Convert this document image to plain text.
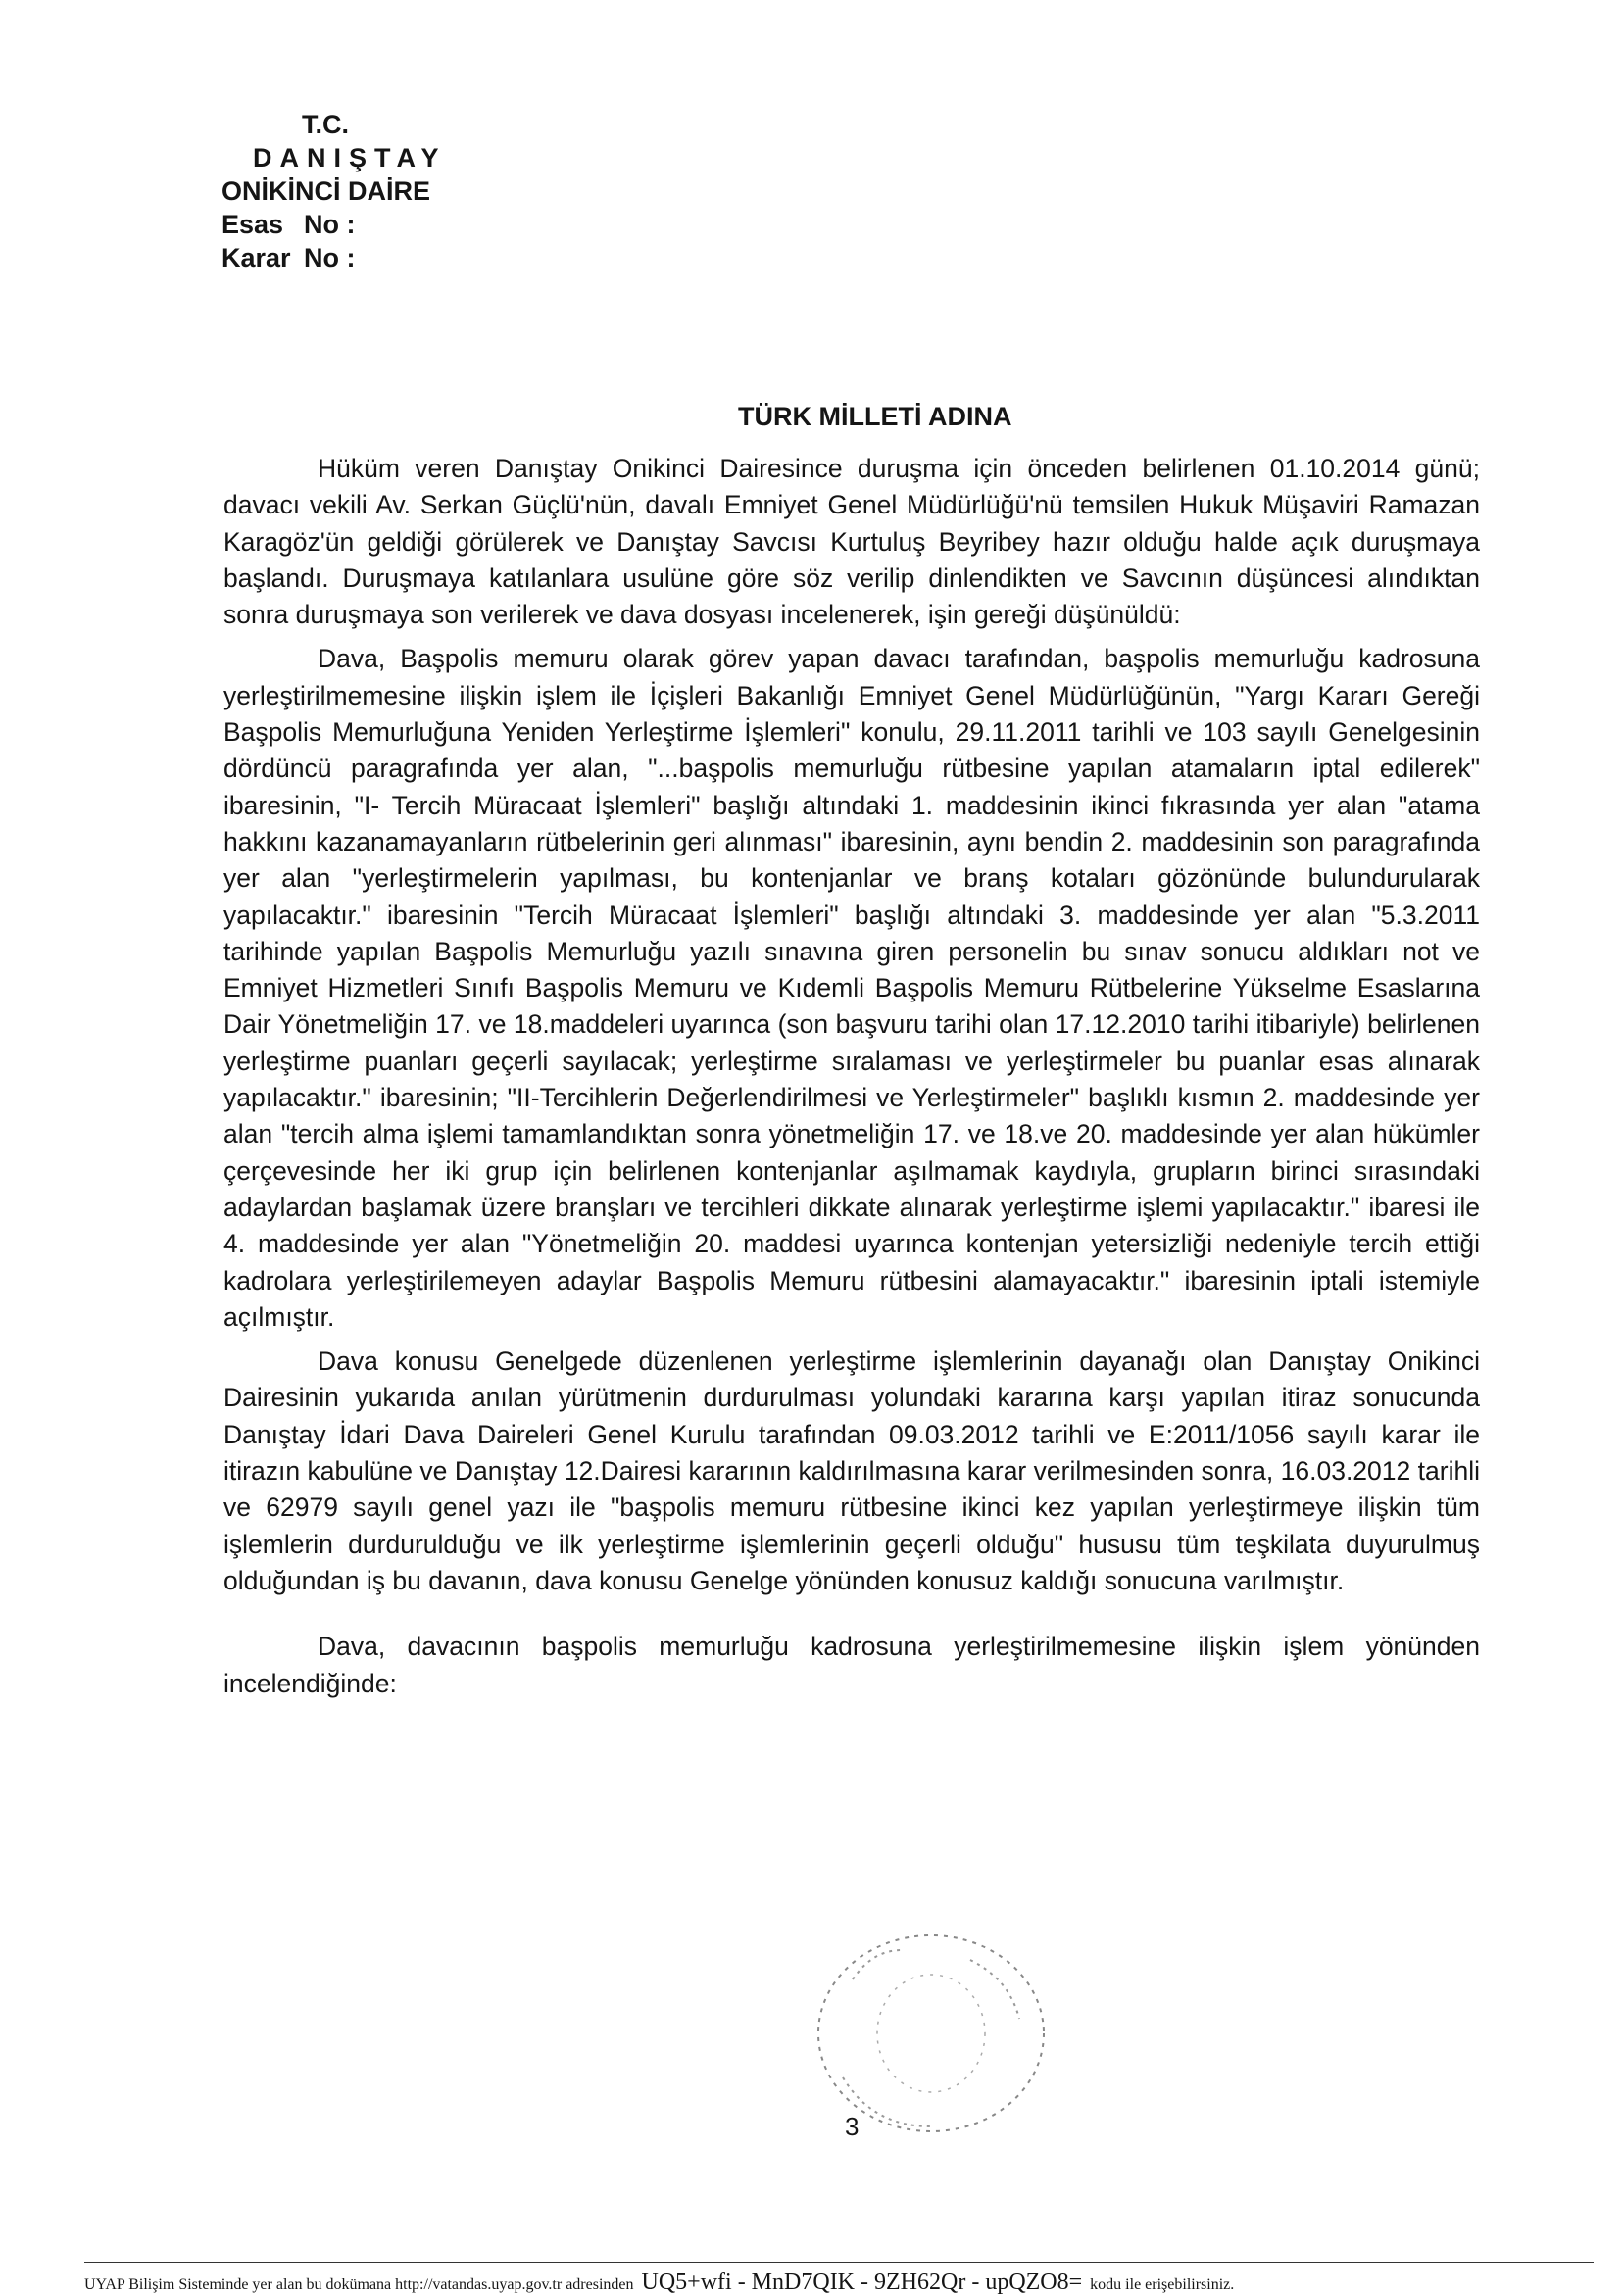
T.C.
DANIŞTAY
ONİKİNCİ DAİRE
Esas No :
Karar No :
TÜRK MİLLETİ ADINA

Hüküm veren Danıştay Onikinci Dairesince duruşma için önceden belirlenen 01.10.2014 günü; davacı vekili Av. Serkan Güçlü'nün, davalı Emniyet Genel Müdürlüğü'nü temsilen Hukuk Müşaviri Ramazan Karagöz'ün geldiği görülerek ve Danıştay Savcısı Kurtuluş Beyribey hazır olduğu halde açık duruşmaya başlandı. Duruşmaya katılanlara usulüne göre söz verilip dinlendikten ve Savcının düşüncesi alındıktan sonra duruşmaya son verilerek ve dava dosyası incelenerek, işin gereği düşünüldü:

Dava, Başpolis memuru olarak görev yapan davacı tarafından, başpolis memurluğu kadrosuna yerleştirilmemesine ilişkin işlem ile İçişleri Bakanlığı Emniyet Genel Müdürlüğünün, "Yargı Kararı Gereği Başpolis Memurluğuna Yeniden Yerleştirme İşlemleri" konulu, 29.11.2011 tarihli ve 103 sayılı Genelgesinin dördüncü paragrafında yer alan, "...başpolis memurluğu rütbesine yapılan atamaların iptal edilerek" ibaresinin, "I- Tercih Müracaat İşlemleri" başlığı altındaki 1. maddesinin ikinci fıkrasında yer alan "atama hakkını kazanamayanların rütbelerinin geri alınması" ibaresinin, aynı bendin 2. maddesinin son paragrafında yer alan "yerleştirmelerin yapılması, bu kontenjanlar ve branş kotaları gözönünde bulundurularak yapılacaktır." ibaresinin "Tercih Müracaat İşlemleri" başlığı altındaki 3. maddesinde yer alan "5.3.2011 tarihinde yapılan Başpolis Memurluğu yazılı sınavına giren personelin bu sınav sonucu aldıkları not ve Emniyet Hizmetleri Sınıfı Başpolis Memuru ve Kıdemli Başpolis Memuru Rütbelerine Yükselme Esaslarına Dair Yönetmeliğin 17. ve 18.maddeleri uyarınca (son başvuru tarihi olan 17.12.2010 tarihi itibariyle) belirlenen yerleştirme puanları geçerli sayılacak; yerleştirme sıralaması ve yerleştirmeler bu puanlar esas alınarak yapılacaktır." ibaresinin; "II-Tercihlerin Değerlendirilmesi ve Yerleştirmeler" başlıklı kısmın 2. maddesinde yer alan "tercih alma işlemi tamamlandıktan sonra yönetmeliğin 17. ve 18.ve 20. maddesinde yer alan hükümler çerçevesinde her iki grup için belirlenen kontenjanlar aşılmamak kaydıyla, grupların birinci sırasındaki adaylardan başlamak üzere branşları ve tercihleri dikkate alınarak yerleştirme işlemi yapılacaktır." ibaresi ile 4. maddesinde yer alan "Yönetmeliğin 20. maddesi uyarınca kontenjan yetersizliği nedeniyle tercih ettiği kadrolara yerleştirilemeyen adaylar Başpolis Memuru rütbesini alamayacaktır." ibaresinin iptali istemiyle açılmıştır.

Dava konusu Genelgede düzenlenen yerleştirme işlemlerinin dayanağı olan Danıştay Onikinci Dairesinin yukarıda anılan yürütmenin durdurulması yolundaki kararına karşı yapılan itiraz sonucunda Danıştay İdari Dava Daireleri Genel Kurulu tarafından 09.03.2012 tarihli ve E:2011/1056 sayılı karar ile itirazın kabulüne ve Danıştay 12.Dairesi kararının kaldırılmasına karar verilmesinden sonra, 16.03.2012 tarihli ve 62979 sayılı genel yazı ile "başpolis memuru rütbesine ikinci kez yapılan yerleştirmeye ilişkin tüm işlemlerin durdurulduğu ve ilk yerleştirme işlemlerinin geçerli olduğu" hususu tüm teşkilata duyurulmuş olduğundan iş bu davanın, dava konusu Genelge yönünden konusuz kaldığı sonucuna varılmıştır.

Dava, davacının başpolis memurluğu kadrosuna yerleştirilmemesine ilişkin işlem yönünden incelendiğinde:

3
UYAP Bilişim Sisteminde yer alan bu dokümana http://vatandas.uyap.gov.tr adresinden UQ5+wfi - MnD7QIK - 9ZH62Qr - upQZO8= kodu ile erişebilirsiniz.
